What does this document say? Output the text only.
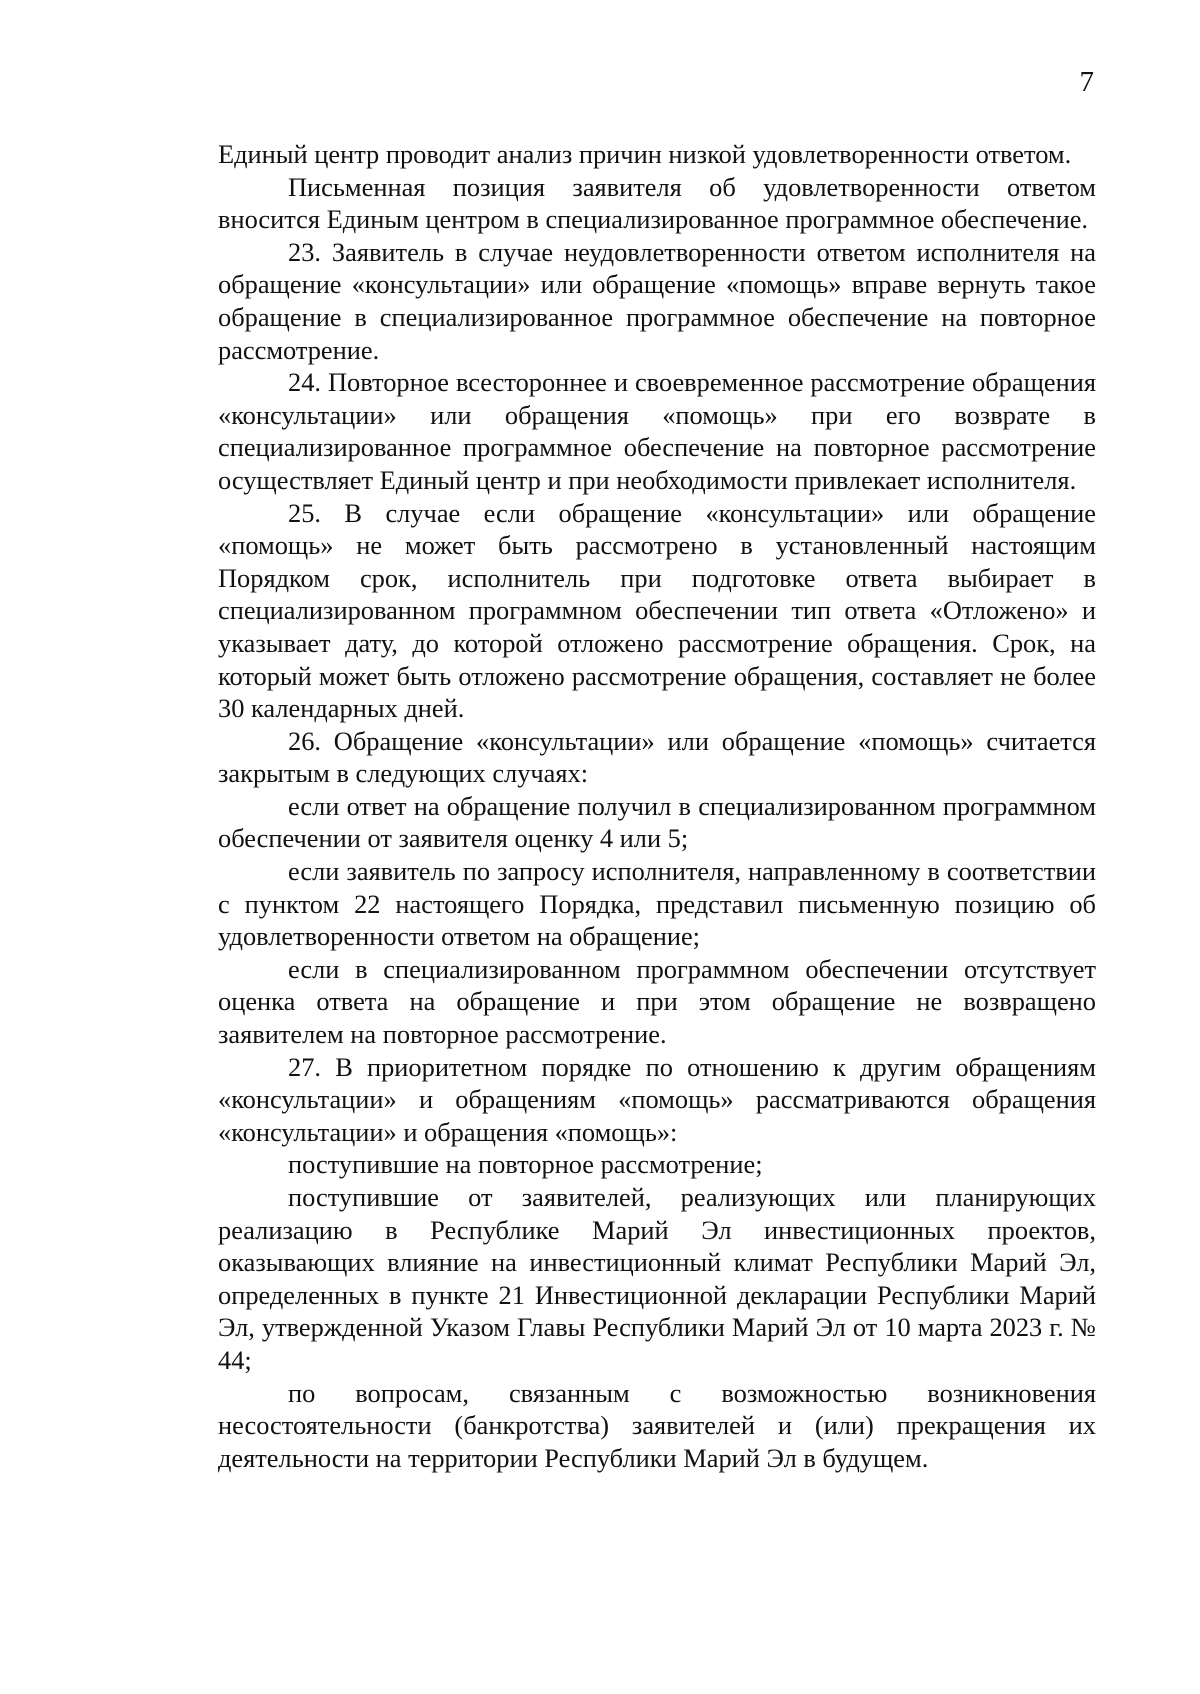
7

Единый центр проводит анализ причин низкой удовлетворенности ответом.

Письменная позиция заявителя об удовлетворенности ответом вносится Единым центром в специализированное программное обеспечение.

23. Заявитель в случае неудовлетворенности ответом исполнителя на обращение «консультации» или обращение «помощь» вправе вернуть такое обращение в специализированное программное обеспечение на повторное рассмотрение.

24. Повторное всестороннее и своевременное рассмотрение обращения «консультации» или обращения «помощь» при его возврате в специализированное программное обеспечение на повторное рассмотрение осуществляет Единый центр и при необходимости привлекает исполнителя.

25. В случае если обращение «консультации» или обращение «помощь» не может быть рассмотрено в установленный настоящим Порядком срок, исполнитель при подготовке ответа выбирает в специализированном программном обеспечении тип ответа «Отложено» и указывает дату, до которой отложено рассмотрение обращения. Срок, на который может быть отложено рассмотрение обращения, составляет не более 30 календарных дней.

26. Обращение «консультации» или обращение «помощь» считается закрытым в следующих случаях:

если ответ на обращение получил в специализированном программном обеспечении от заявителя оценку 4 или 5;

если заявитель по запросу исполнителя, направленному в соответствии с пунктом 22 настоящего Порядка, представил письменную позицию об удовлетворенности ответом на обращение;

если в специализированном программном обеспечении отсутствует оценка ответа на обращение и при этом обращение не возвращено заявителем на повторное рассмотрение.

27. В приоритетном порядке по отношению к другим обращениям «консультации» и обращениям «помощь» рассматриваются обращения «консультации» и обращения «помощь»:

поступившие на повторное рассмотрение;

поступившие от заявителей, реализующих или планирующих реализацию в Республике Марий Эл инвестиционных проектов, оказывающих влияние на инвестиционный климат Республики Марий Эл, определенных в пункте 21 Инвестиционной декларации Республики Марий Эл, утвержденной Указом Главы Республики Марий Эл от 10 марта 2023 г. № 44;

по вопросам, связанным с возможностью возникновения несостоятельности (банкротства) заявителей и (или) прекращения их деятельности на территории Республики Марий Эл в будущем.
